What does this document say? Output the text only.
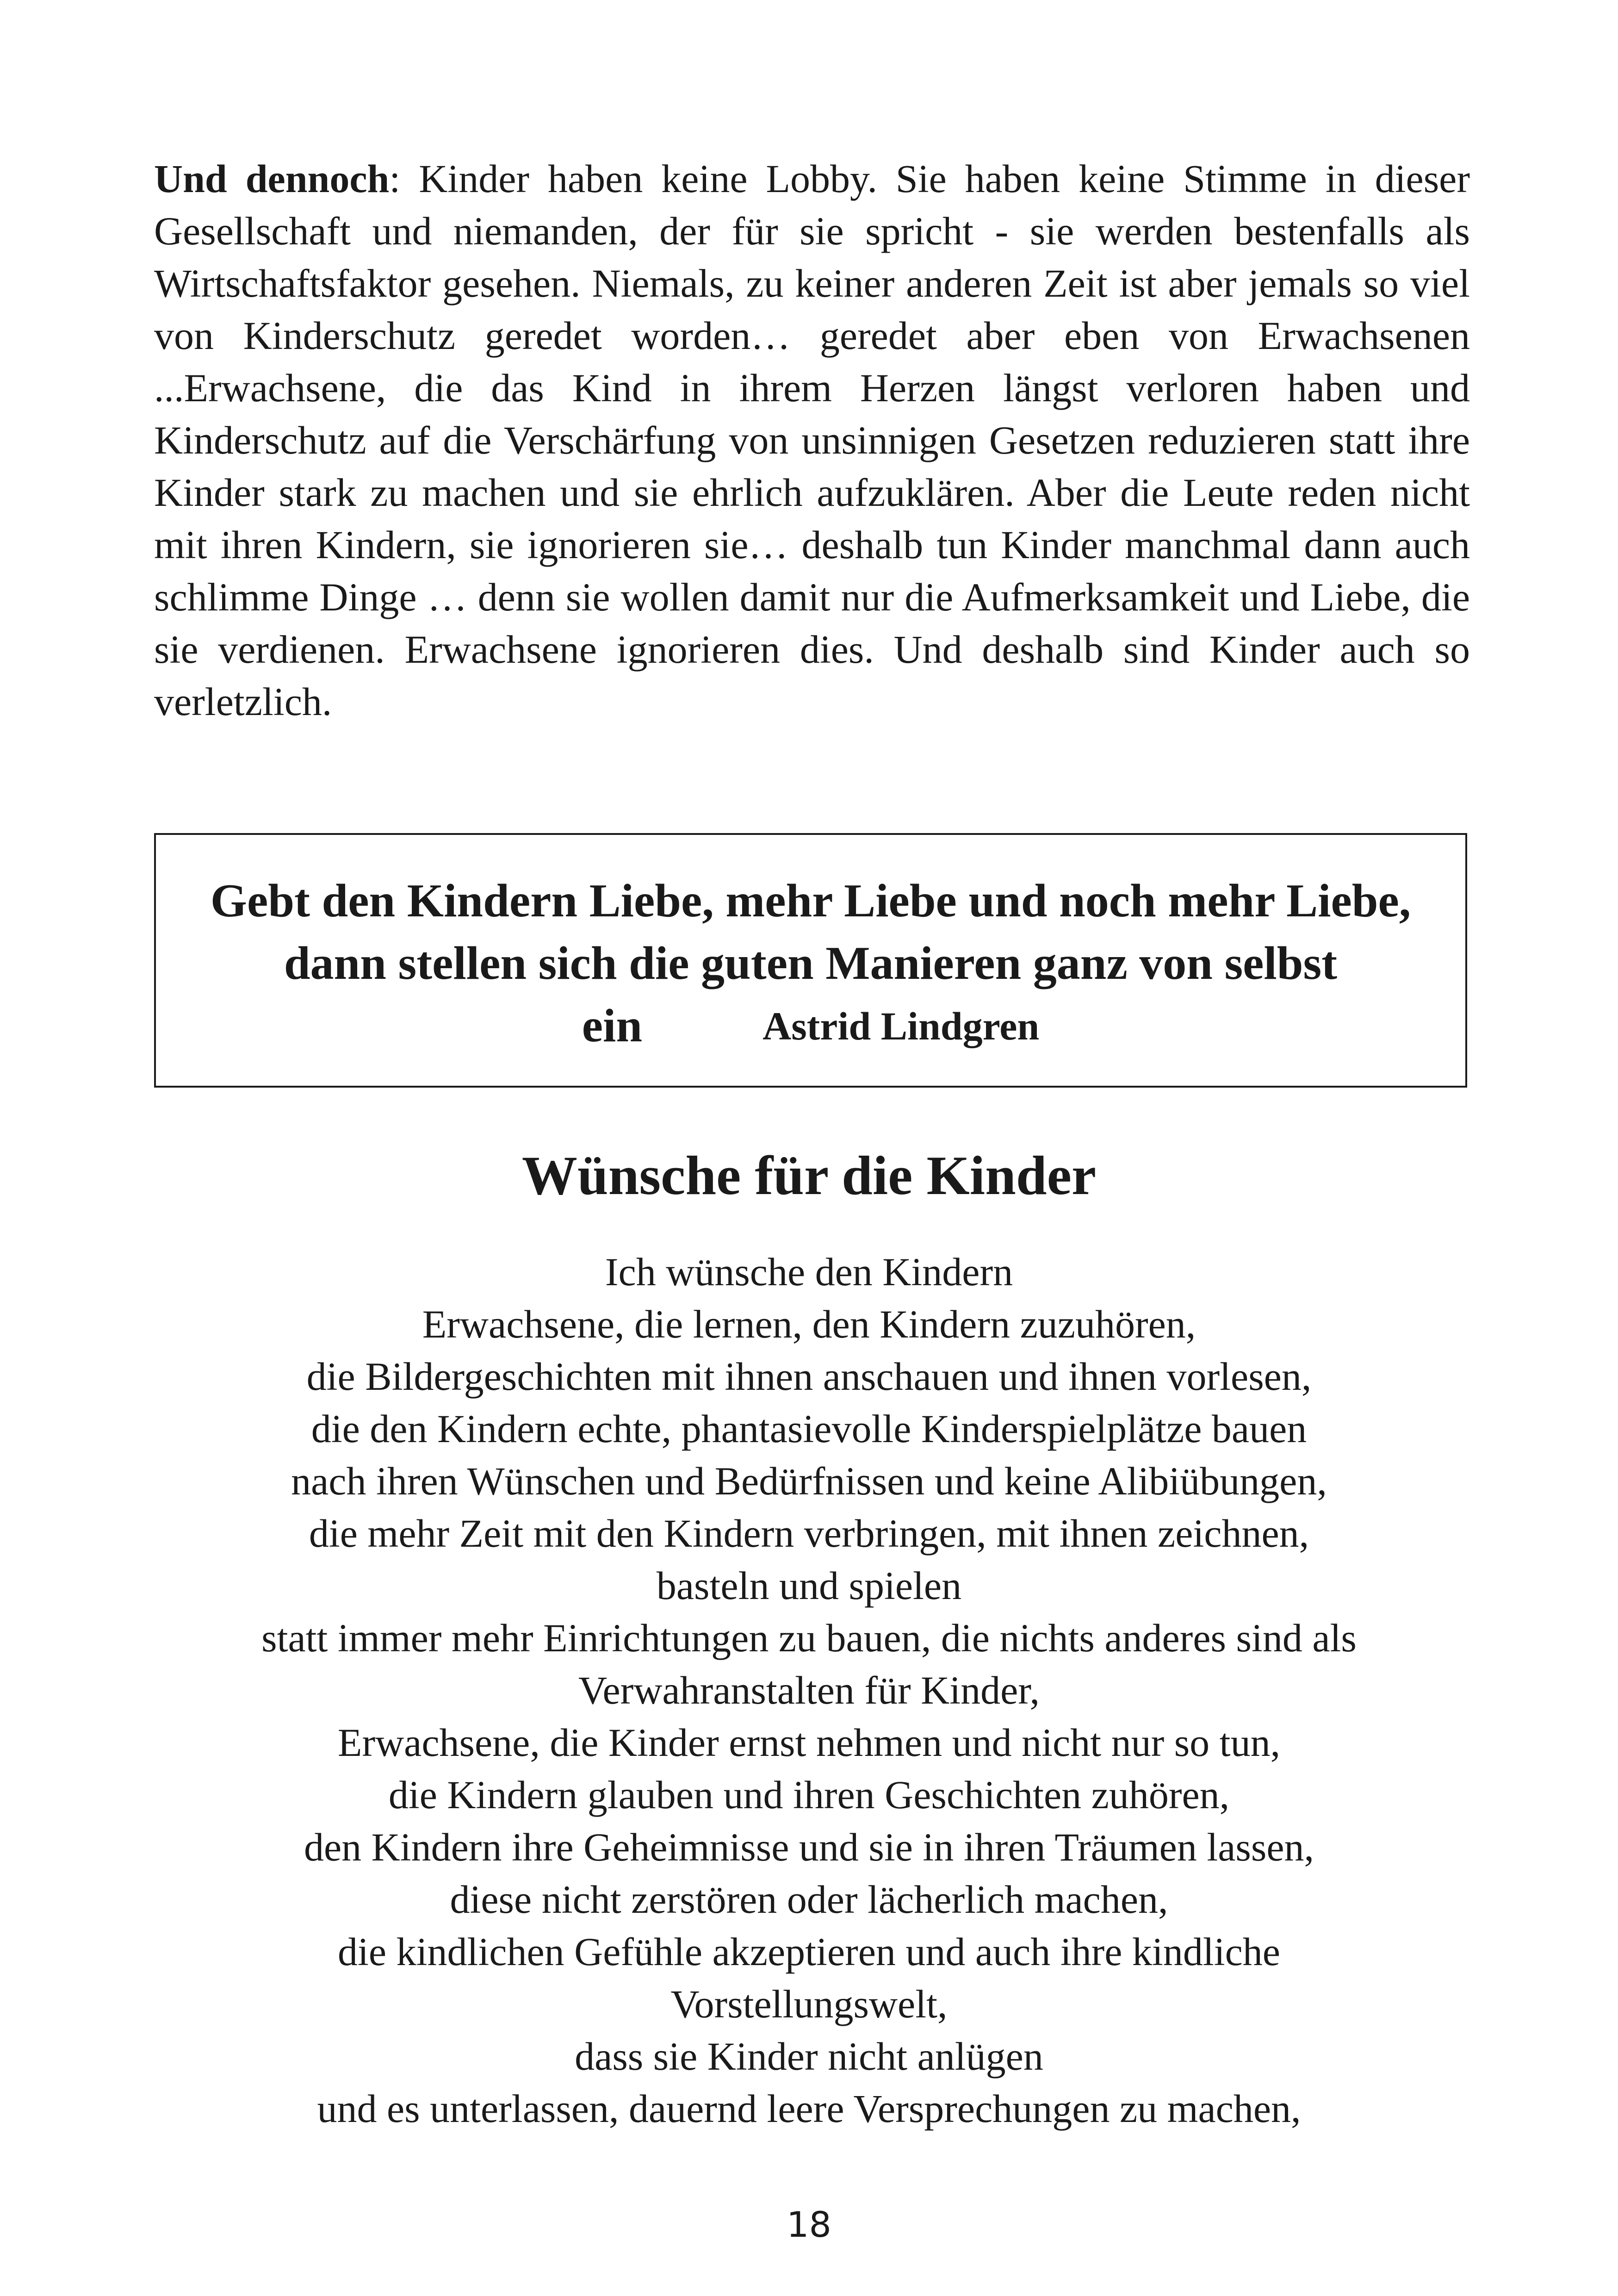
Und dennoch: Kinder haben keine Lobby. Sie haben keine Stimme in dieser Gesellschaft und niemanden, der für sie spricht - sie werden bestenfalls als Wirtschaftsfaktor gesehen. Niemals, zu keiner anderen Zeit ist aber jemals so viel von Kinderschutz geredet worden… geredet aber eben von Erwachsenen ...Erwachsene, die das Kind in ihrem Herzen längst verloren haben und Kinderschutz auf die Verschärfung von unsinnigen Gesetzen reduzieren statt ihre Kinder stark zu machen und sie ehrlich aufzuklären. Aber die Leute reden nicht mit ihren Kindern, sie ignorieren sie… deshalb tun Kinder manchmal dann auch schlimme Dinge … denn sie wollen damit nur die Aufmerksamkeit und Liebe, die sie verdienen. Erwachsene ignorieren dies. Und deshalb sind Kinder auch so verletzlich.

Gebt den Kindern Liebe, mehr Liebe und noch mehr Liebe, dann stellen sich die guten Manieren ganz von selbst ein	Astrid Lindgren

Wünsche für die Kinder
Ich wünsche den Kindern
Erwachsene, die lernen, den Kindern zuzuhören,
die Bildergeschichten mit ihnen anschauen und ihnen vorlesen,
die den Kindern echte, phantasievolle Kinderspielplätze bauen
nach ihren Wünschen und Bedürfnissen und keine Alibiübungen,
die mehr Zeit mit den Kindern verbringen, mit ihnen zeichnen,
basteln und spielen
statt immer mehr Einrichtungen zu bauen, die nichts anderes sind als
Verwahranstalten für Kinder,
Erwachsene, die Kinder ernst nehmen und nicht nur so tun,
die Kindern glauben und ihren Geschichten zuhören,
den Kindern ihre Geheimnisse und sie in ihren Träumen lassen,
diese nicht zerstören oder lächerlich machen,
die kindlichen Gefühle akzeptieren und auch ihre kindliche
Vorstellungswelt,
dass sie Kinder nicht anlügen
und es unterlassen, dauernd leere Versprechungen zu machen,
18
